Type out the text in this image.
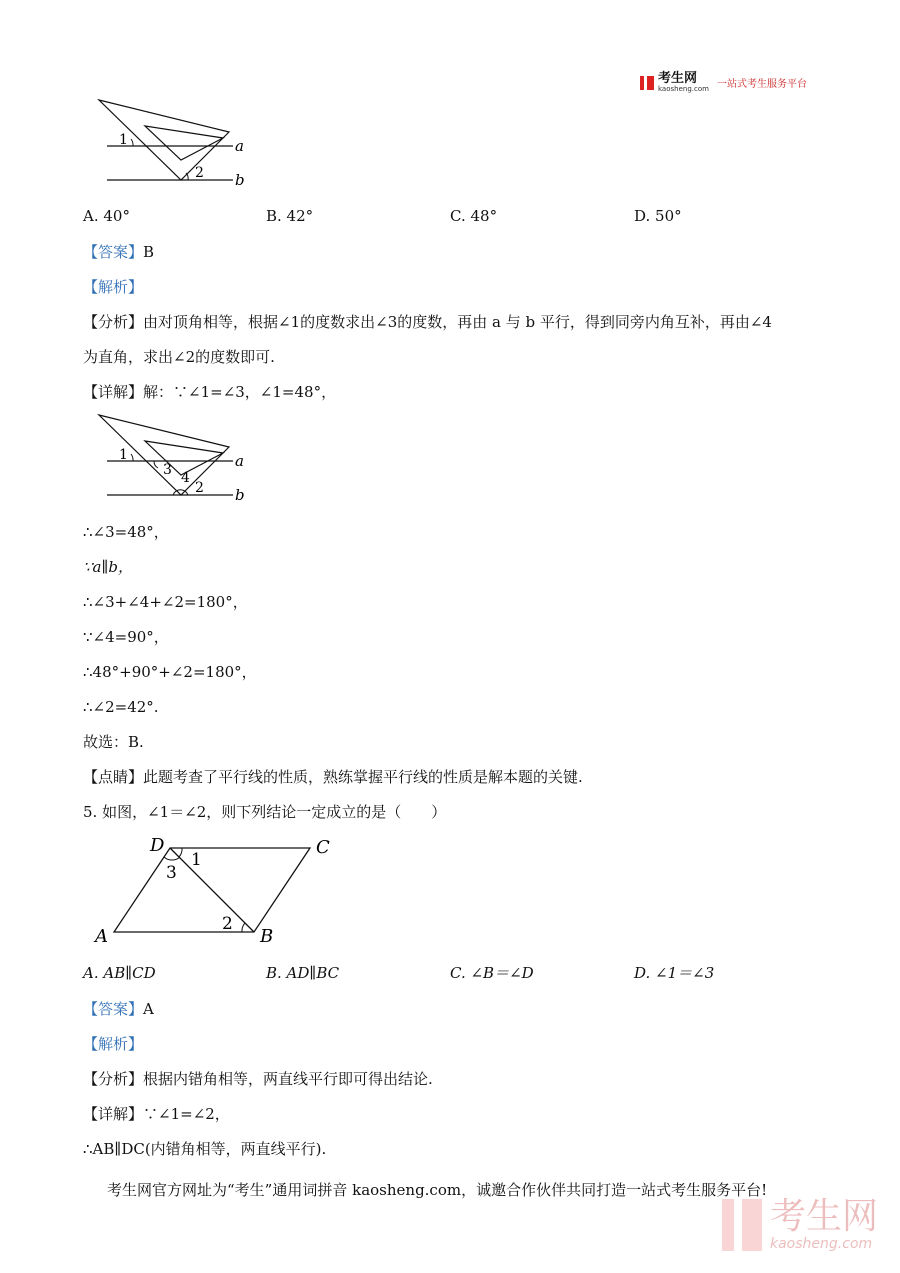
考生网
kaosheng.com 一站式考生服务平台
1
2
a
b
A. 40°	B. 42°	C. 48°	D. 50°
【答案】B
【解析】
【分析】由对顶角相等，根据∠1的度数求出∠3的度数，再由 a 与 b 平行，得到同旁内角互补，再由∠4
为直角，求出∠2的度数即可.
【详解】解：∵∠1=∠3，∠1=48°，
1
3 4
2
a
b
∴∠3=48°，
∵a∥b，
∴∠3+∠4+∠2=180°，
∵∠4=90°，
∴48°+90°+∠2=180°，
∴∠2=42°.
故选：B.
【点睛】此题考查了平行线的性质，熟练掌握平行线的性质是解本题的关键.
5. 如图，∠1＝∠2，则下列结论一定成立的是（　　）
D	C
A	B
1
2
3
A. AB∥CD	B. AD∥BC	C. ∠B＝∠D	D. ∠1＝∠3
【答案】A
【解析】
【分析】根据内错角相等，两直线平行即可得出结论.
【详解】∵∠1=∠2，
∴AB∥DC(内错角相等，两直线平行).
考生网官方网址为“考生”通用词拼音 kaosheng.com，诚邀合作伙伴共同打造一站式考生服务平台!
考生网
kaosheng.com
